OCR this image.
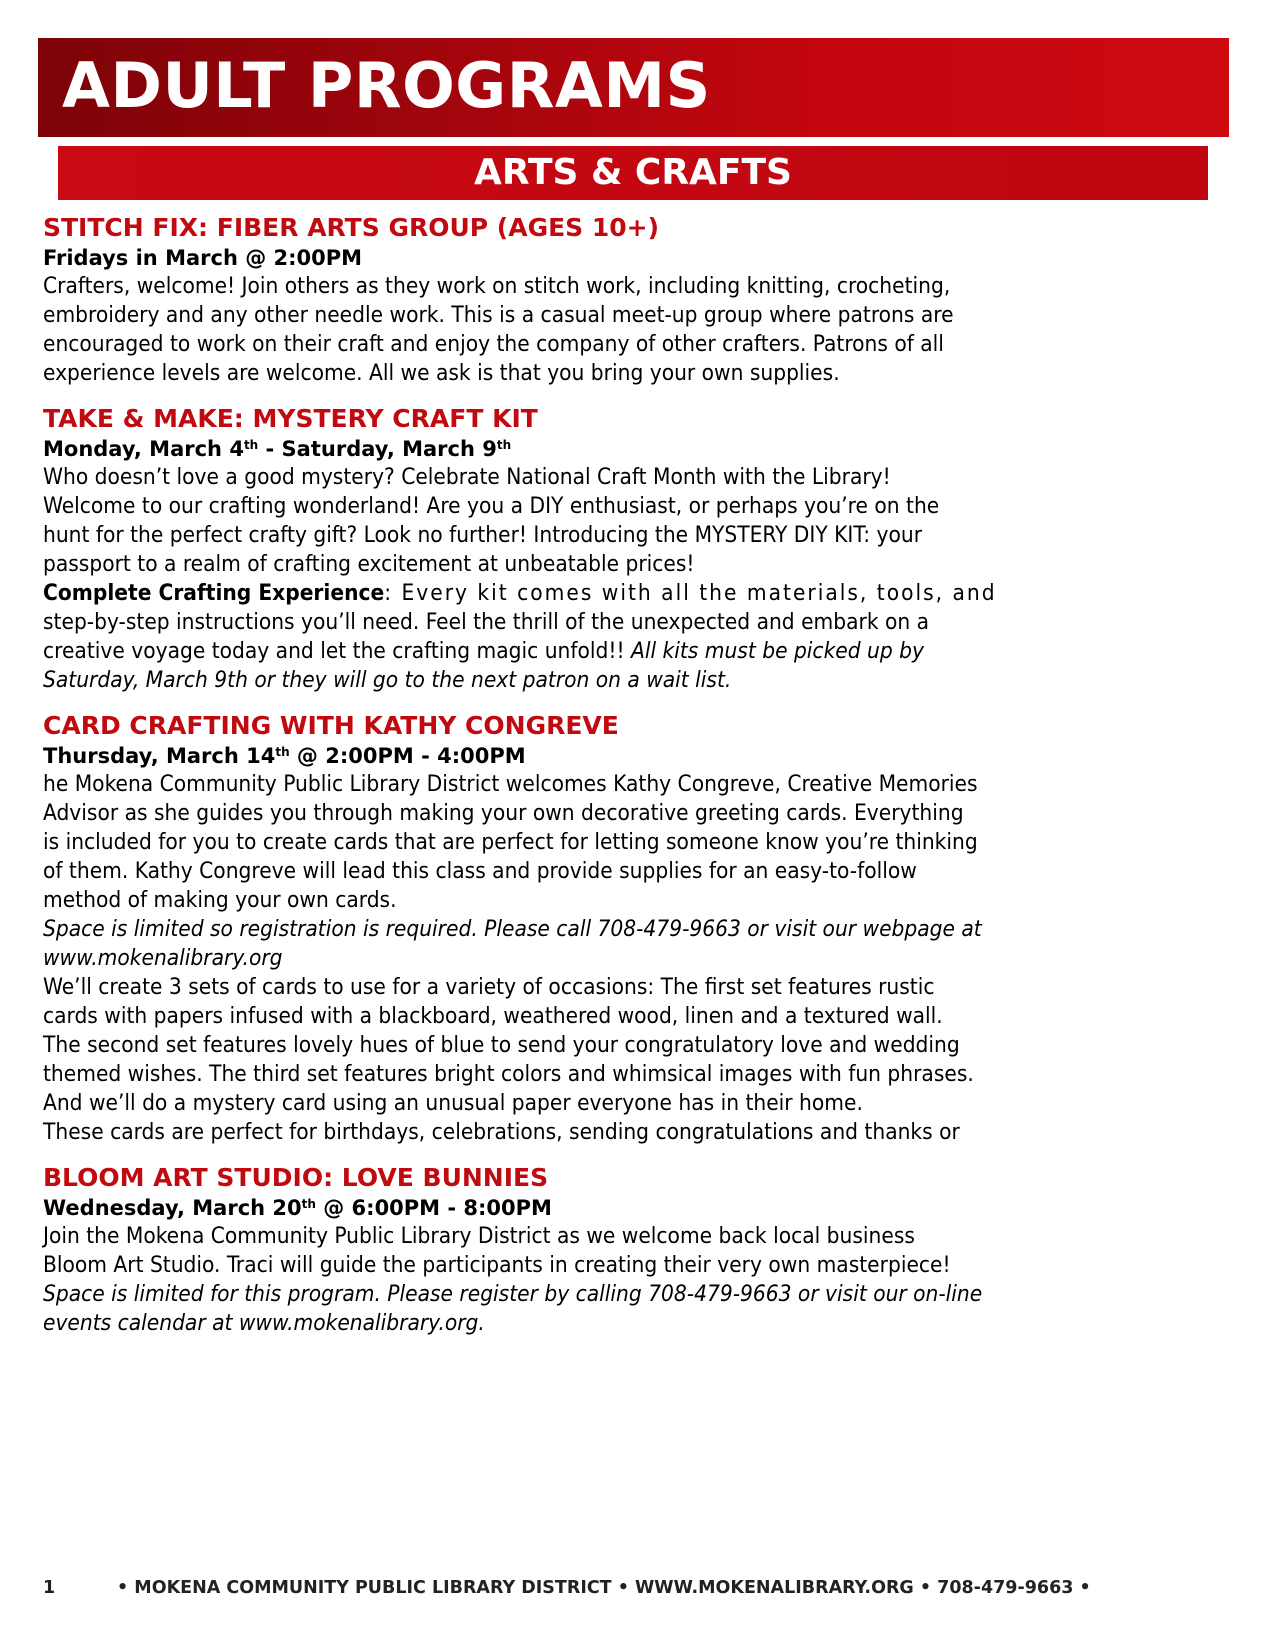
ADULT PROGRAMS
ARTS & CRAFTS

STITCH FIX: FIBER ARTS GROUP (AGES 10+)

Fridays in March @ 2:00PM

Crafters, welcome! Join others as they work on stitch work, including knitting, crocheting,

embroidery and any other needle work. This is a casual meet-up group where patrons are

encouraged to work on their craft and enjoy the company of other crafters. Patrons of all

experience levels are welcome. All we ask is that you bring your own supplies.

TAKE & MAKE: MYSTERY CRAFT KIT

Monday, March 4th - Saturday, March 9th

Who doesn’t love a good mystery? Celebrate National Craft Month with the Library!

Welcome to our crafting wonderland! Are you a DIY enthusiast, or perhaps you’re on the

hunt for the perfect crafty gift? Look no further! Introducing the MYSTERY DIY KIT: your

passport to a realm of crafting excitement at unbeatable prices!

Complete Crafting Experience: Every kit comes with all the materials, tools, and

step-by-step instructions you’ll need. Feel the thrill of the unexpected and embark on a

creative voyage today and let the crafting magic unfold!! All kits must be picked up by

Saturday, March 9th or they will go to the next patron on a wait list.

CARD CRAFTING WITH KATHY CONGREVE

Thursday, March 14th @ 2:00PM - 4:00PM

he Mokena Community Public Library District welcomes Kathy Congreve, Creative Memories

Advisor as she guides you through making your own decorative greeting cards. Everything

is included for you to create cards that are perfect for letting someone know you’re thinking

of them. Kathy Congreve will lead this class and provide supplies for an easy-to-follow

method of making your own cards.

Space is limited so registration is required. Please call 708-479-9663 or visit our webpage at

www.mokenalibrary.org

We’ll create 3 sets of cards to use for a variety of occasions: The first set features rustic

cards with papers infused with a blackboard, weathered wood, linen and a textured wall.

The second set features lovely hues of blue to send your congratulatory love and wedding

themed wishes. The third set features bright colors and whimsical images with fun phrases.

And we’ll do a mystery card using an unusual paper everyone has in their home.

These cards are perfect for birthdays, celebrations, sending congratulations and thanks or

BLOOM ART STUDIO: LOVE BUNNIES

Wednesday, March 20th @ 6:00PM - 8:00PM

Join the Mokena Community Public Library District as we welcome back local business

Bloom Art Studio. Traci will guide the participants in creating their very own masterpiece!

Space is limited for this program. Please register by calling 708-479-9663 or visit our on-line

events calendar at www.mokenalibrary.org.

1	• MOKENA COMMUNITY PUBLIC LIBRARY DISTRICT • WWW.MOKENALIBRARY.ORG • 708-479-9663 •
